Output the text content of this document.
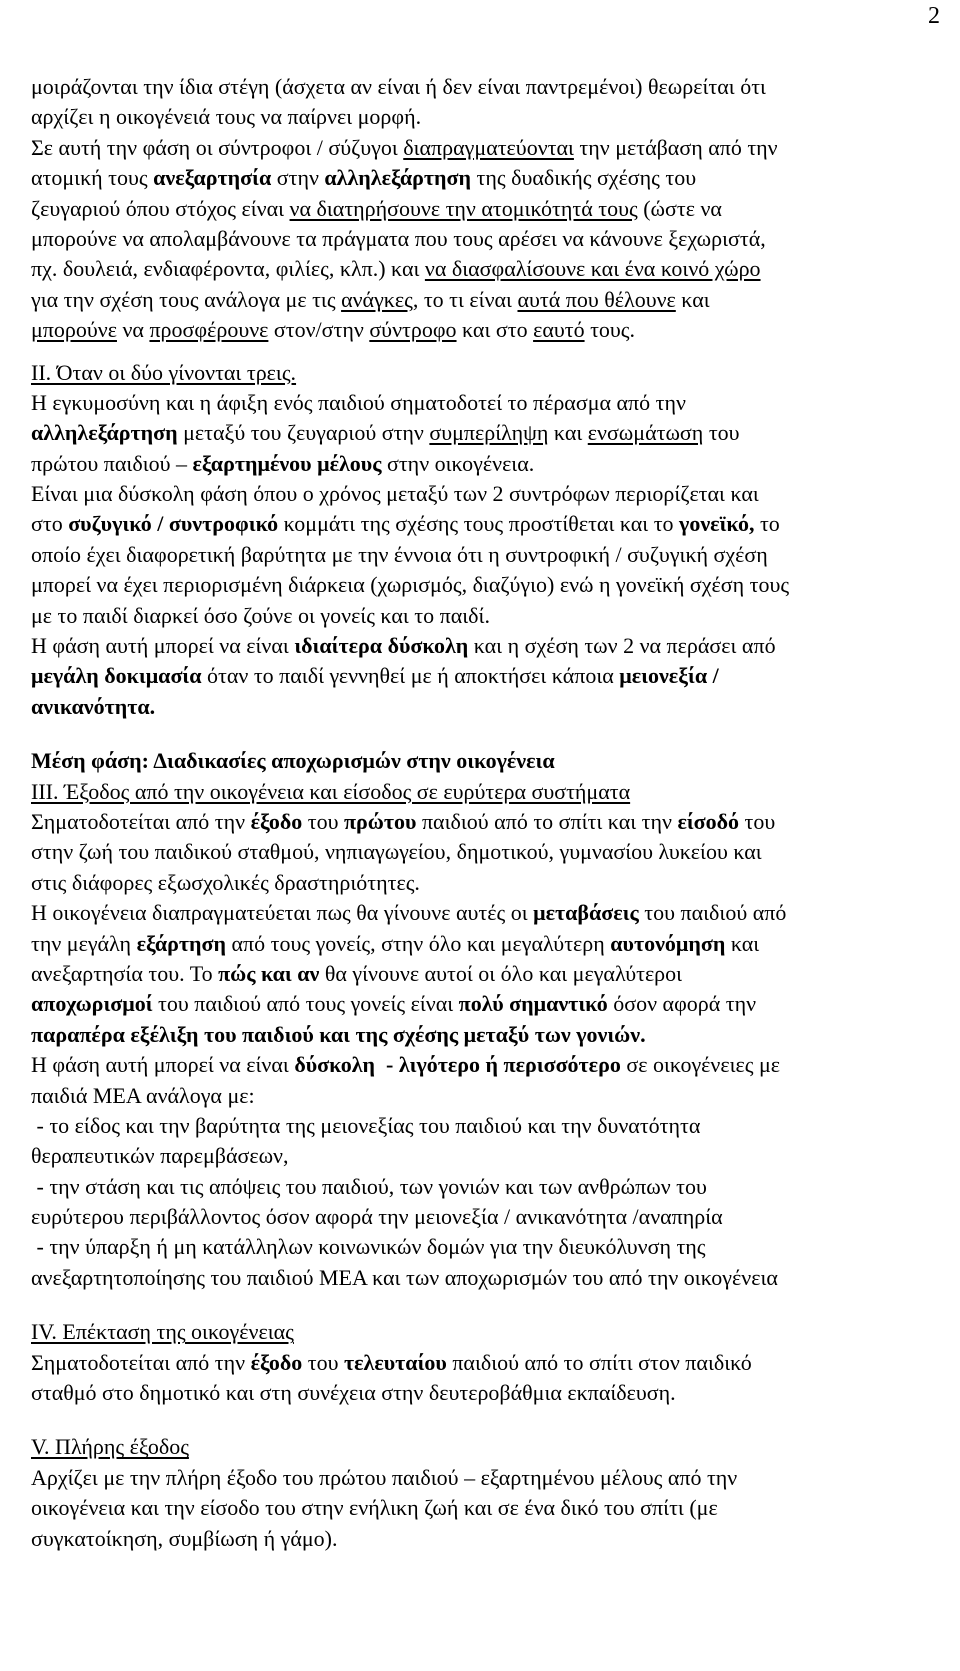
2
μοιράζονται την ίδια στέγη (άσχετα αν είναι ή δεν είναι παντρεμένοι) θεωρείται ότι
αρχίζει η οικογένειά τους να παίρνει μορφή.
Σε αυτή την φάση οι σύντροφοι / σύζυγοι διαπραγματεύονται την μετάβαση από την
ατομική τους ανεξαρτησία στην αλληλεξάρτηση της δυαδικής σχέσης του
ζευγαριού όπου στόχος είναι να διατηρήσουνε την ατομικότητά τους (ώστε να
μπορούνε να απολαμβάνουνε τα πράγματα που τους αρέσει να κάνουνε ξεχωριστά,
πχ. δουλειά, ενδιαφέροντα, φιλίες, κλπ.) και να διασφαλίσουνε και ένα κοινό χώρο
για την σχέση τους ανάλογα με τις ανάγκες, το τι είναι αυτά που θέλουνε και
μπορούνε να προσφέρουνε στον/στην σύντροφο και στο εαυτό τους.
ΙΙ. Όταν οι δύο γίνονται τρεις.
Η εγκυμοσύνη και η άφιξη ενός παιδιού σηματοδοτεί το πέρασμα από την
αλληλεξάρτηση μεταξύ του ζευγαριού στην συμπερίληψη και ενσωμάτωση του
πρώτου παιδιού – εξαρτημένου μέλους στην οικογένεια.
Είναι μια δύσκολη φάση όπου ο χρόνος μεταξύ των 2 συντρόφων περιορίζεται και
στο συζυγικό / συντροφικό κομμάτι της σχέσης τους προστίθεται και το γονεϊκό, το
οποίο έχει διαφορετική βαρύτητα με την έννοια ότι η συντροφική / συζυγική σχέση
μπορεί να έχει περιορισμένη διάρκεια (χωρισμός, διαζύγιο) ενώ η γονεϊκή σχέση τους
με το παιδί διαρκεί όσο ζούνε οι γονείς και το παιδί.
Η φάση αυτή μπορεί να είναι ιδιαίτερα δύσκολη και η σχέση των 2 να περάσει από
μεγάλη δοκιμασία όταν το παιδί γεννηθεί με ή αποκτήσει κάποια μειονεξία /
ανικανότητα.
Μέση φάση: Διαδικασίες αποχωρισμών στην οικογένεια
ΙΙΙ. Έξοδος από την οικογένεια και είσοδος σε ευρύτερα συστήματα
Σηματοδοτείται από την έξοδο του πρώτου παιδιού από το σπίτι και την είσοδό του
στην ζωή του παιδικού σταθμού, νηπιαγωγείου, δημοτικού, γυμνασίου λυκείου και
στις διάφορες εξωσχολικές δραστηριότητες.
Η οικογένεια διαπραγματεύεται πως θα γίνουνε αυτές οι μεταβάσεις του παιδιού από
την μεγάλη εξάρτηση από τους γονείς, στην όλο και μεγαλύτερη αυτονόμηση και
ανεξαρτησία του. Το πώς και αν θα γίνουνε αυτοί οι όλο και μεγαλύτεροι
αποχωρισμοί του παιδιού από τους γονείς είναι πολύ σημαντικό όσον αφορά την
παραπέρα εξέλιξη του παιδιού και της σχέσης μεταξύ των γονιών.
Η φάση αυτή μπορεί να είναι δύσκολη  - λιγότερο ή περισσότερο σε οικογένειες με
παιδιά ΜΕΑ ανάλογα με:
- το είδος και την βαρύτητα της μειονεξίας του παιδιού και την δυνατότητα
θεραπευτικών παρεμβάσεων,
- την στάση και τις απόψεις του παιδιού, των γονιών και των ανθρώπων του
ευρύτερου περιβάλλοντος όσον αφορά την μειονεξία / ανικανότητα /αναπηρία
- την ύπαρξη ή μη κατάλληλων κοινωνικών δομών για την διευκόλυνση της
ανεξαρτητοποίησης του παιδιού ΜΕΑ και των αποχωρισμών του από την οικογένεια
IV. Επέκταση της οικογένειας
Σηματοδοτείται από την έξοδο του τελευταίου παιδιού από το σπίτι στον παιδικό
σταθμό στο δημοτικό και στη συνέχεια στην δευτεροβάθμια εκπαίδευση.
V. Πλήρης έξοδος
Αρχίζει με την πλήρη έξοδο του πρώτου παιδιού – εξαρτημένου μέλους από την
οικογένεια και την είσοδο του στην ενήλικη ζωή και σε ένα δικό του σπίτι (με
συγκατοίκηση, συμβίωση ή γάμο).
